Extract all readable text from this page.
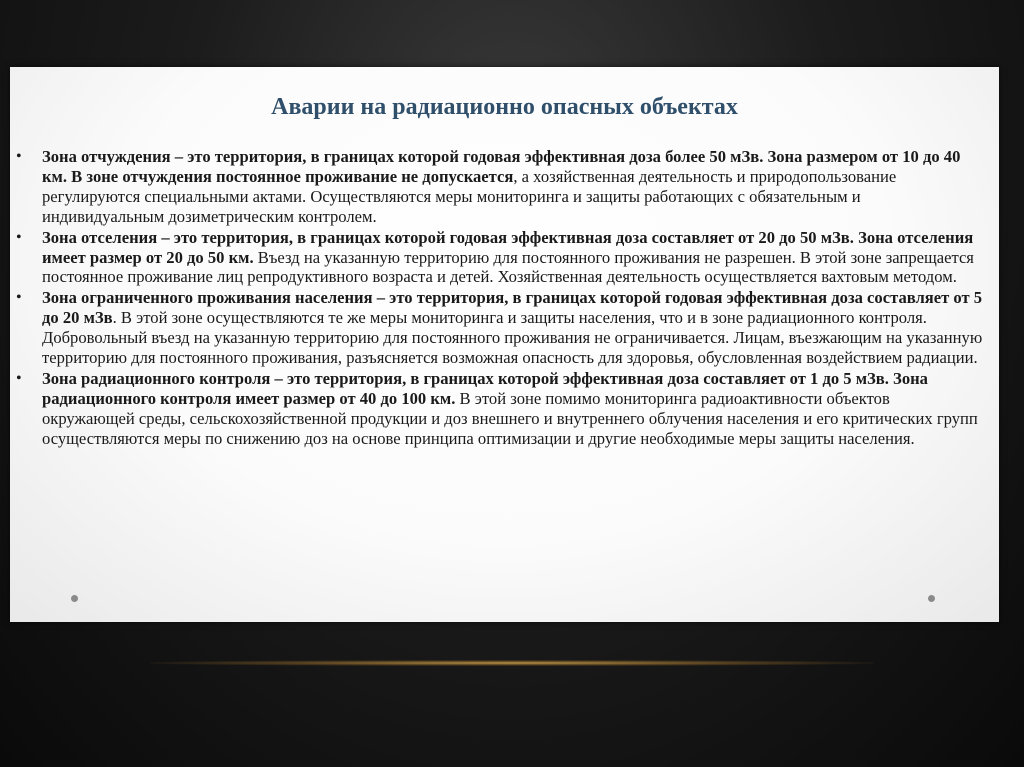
Аварии на радиационно опасных объектах
•	Зона отчуждения – это территория, в границах которой годовая эффективная доза более 50 мЗв. Зона размером от 10 до 40 км. В зоне отчуждения постоянное проживание не допускается, а хозяйственная деятельность и природопользование регулируются специальными актами. Осуществляются меры мониторинга и защиты работающих с обязательным и индивидуальным дозиметрическим контролем.
•	Зона отселения – это территория, в границах которой годовая эффективная доза составляет от 20 до 50 мЗв. Зона отселения имеет размер от 20 до 50 км. Въезд на указанную территорию для постоянного проживания не разрешен. В этой зоне запрещается постоянное проживание лиц репродуктивного возраста и детей. Хозяйственная деятельность осуществляется вахтовым методом.
•	Зона ограниченного проживания населения – это территория, в границах которой годовая эффективная доза составляет от 5 до 20 мЗв. В этой зоне осуществляются те же меры мониторинга и защиты населения, что и в зоне радиационного контроля. Добровольный въезд на указанную территорию для постоянного проживания не ограничивается. Лицам, въезжающим на указанную территорию для постоянного проживания, разъясняется возможная опасность для здоровья, обусловленная воздействием радиации.
•	Зона радиационного контроля – это территория, в границах которой эффективная доза составляет от 1 до 5 мЗв. Зона радиационного контроля имеет размер от 40 до 100 км. В этой зоне помимо мониторинга радиоактивности объектов окружающей среды, сельскохозяйственной продукции и доз внешнего и внутреннего облучения населения и его критических групп осуществляются меры по снижению доз на основе принципа оптимизации и другие необходимые меры защиты населения.
